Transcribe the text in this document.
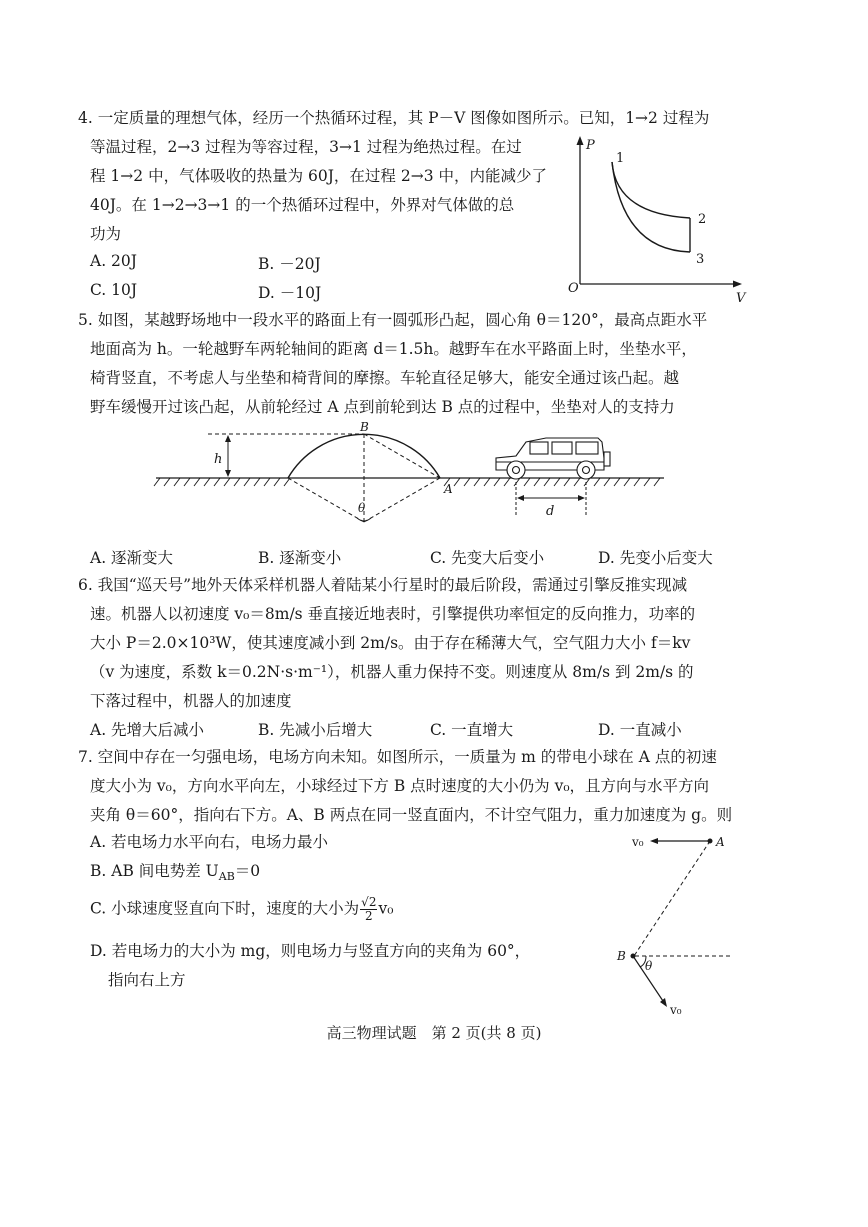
4. 一定质量的理想气体，经历一个热循环过程，其 P－V 图像如图所示。已知，1→2 过程为
等温过程，2→3 过程为等容过程，3→1 过程为绝热过程。在过
程 1→2 中，气体吸收的热量为 60J，在过程 2→3 中，内能减少了
40J。在 1→2→3→1 的一个热循环过程中，外界对气体做的总
功为
A. 20J	B. －20J
C. 10J	D. －10J
P
V
O
1
2
3
5. 如图，某越野场地中一段水平的路面上有一圆弧形凸起，圆心角 θ＝120°，最高点距水平
地面高为 h。一轮越野车两轮轴间的距离 d＝1.5h。越野车在水平路面上时，坐垫水平，
椅背竖直，不考虑人与坐垫和椅背间的摩擦。车轮直径足够大，能安全通过该凸起。越
野车缓慢开过该凸起，从前轮经过 A 点到前轮到达 B 点的过程中，坐垫对人的支持力
h
θ
B
A
d
A. 逐渐变大	B. 逐渐变小	C. 先变大后变小	D. 先变小后变大
6. 我国“巡天号”地外天体采样机器人着陆某小行星时的最后阶段，需通过引擎反推实现减
速。机器人以初速度 v₀＝8m/s 垂直接近地表时，引擎提供功率恒定的反向推力，功率的
大小 P＝2.0×10³W，使其速度减小到 2m/s。由于存在稀薄大气，空气阻力大小 f＝kv
（v 为速度，系数 k＝0.2N·s·m⁻¹），机器人重力保持不变。则速度从 8m/s 到 2m/s 的
下落过程中，机器人的加速度
A. 先增大后减小	B. 先减小后增大	C. 一直增大	D. 一直减小
7. 空间中存在一匀强电场，电场方向未知。如图所示，一质量为 m 的带电小球在 A 点的初速
度大小为 v₀，方向水平向左，小球经过下方 B 点时速度的大小仍为 v₀，且方向与水平方向
夹角 θ＝60°，指向右下方。A、B 两点在同一竖直面内，不计空气阻力，重力加速度为 g。则
A. 若电场力水平向右，电场力最小
B. AB 间电势差 $U_{AB}=0$
C. 小球速度竖直向下时，速度的大小为 $\frac{√2}{2} v_0$
D. 若电场力的大小为 mg，则电场力与竖直方向的夹角为 60°，
指向右上方
v₀	A
B
θ
v₀
高三物理试题　第 2 页(共 8 页)
